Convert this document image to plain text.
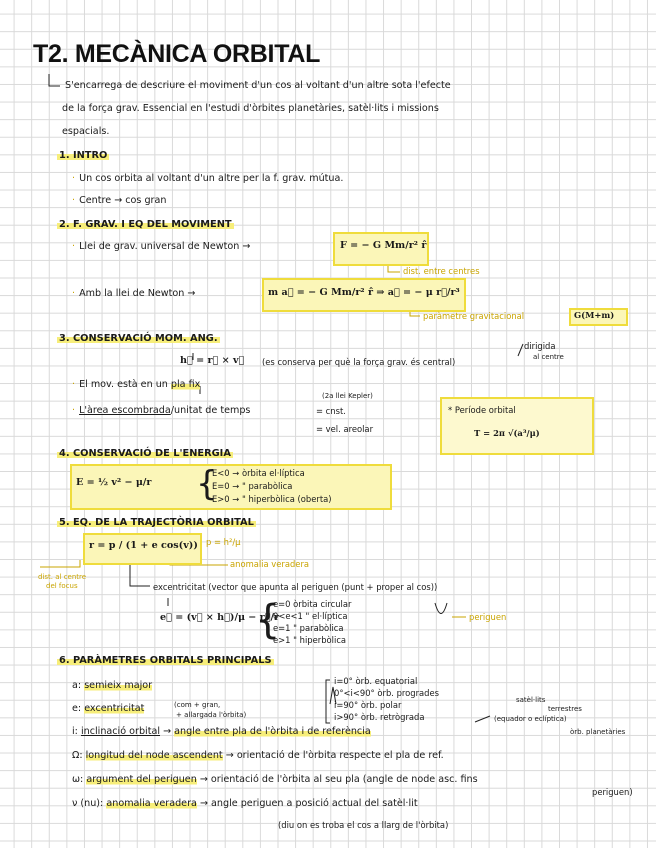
T2. MECÀNICA ORBITAL
S'encarrega de descriure el moviment d'un cos al voltant d'un altre sota l'efecte
de la força grav. Essencial en l'estudi d'òrbites planetàries, satèl·lits i missions
espacials.
1. INTRO
· Un cos orbita al voltant d'un altre per la f. grav. mútua.
· Centre → cos gran
2. F. GRAV. I EQ DEL MOVIMENT
· Llei de grav. universal de Newton →	F = − G Mm/r² r̂
dist. entre centres
· Amb la llei de Newton →	m a⃗ = − G Mm/r² r̂ ⇒ a⃗ = − μ r⃗/r³
paràmetre gravitacional	G(M+m)
3. CONSERVACIÓ MOM. ANG.
h⃗ = r⃗ × v⃗ (es conserva per què la força grav. és central)
dirigida
al centre
· El mov. està en un pla fix
· L'àrea escombrada/unitat de temps
(2a llei Kepler)
= cnst.
= vel. areolar
* Període orbital
T = 2π √(a³/μ)
4. CONSERVACIÓ DE L'ENERGIA
E = ½ v² − μ/r {
E<0 → òrbita el·líptica
E=0 → " parabòlica
E>0 → " hiperbòlica (oberta)
5. EQ. DE LA TRAJECTÒRIA ORBITAL
r = p / (1 + e cos(v)) p = h²/μ
anomalia veradera
dist. al centre
del focus	excentricitat (vector que apunta al periguen (punt + proper al cos))
e⃗ = (v⃗ × h⃗)/μ − r⃗/r
{
e=0 òrbita circular
0<e<1 " el·líptica
e=1 " parabòlica
e>1 " hiperbòlica
periguen
6. PARÀMETRES ORBITALS PRINCIPALS
a: semieix major
e: excentricitat	(com + gran,
+ allargada l'òrbita)
i=0° òrb. equatorial
0°<i<90° òrb. progrades
i=90° òrb. polar
i>90° òrb. retrògrada
satèl·lits
terrestres
(equador o eclíptica)
òrb. planetàries
i: inclinació orbital → angle entre pla de l'òrbita i de referència
Ω: longitud del node ascendent → orientació de l'òrbita respecte el pla de ref.
ω: argument del periguen → orientació de l'òrbita al seu pla (angle de node asc. fins
periguen)
ν (nu): anomalia veradera → angle periguen a posició actual del satèl·lit
(diu on es troba el cos a llarg de l'òrbita)
